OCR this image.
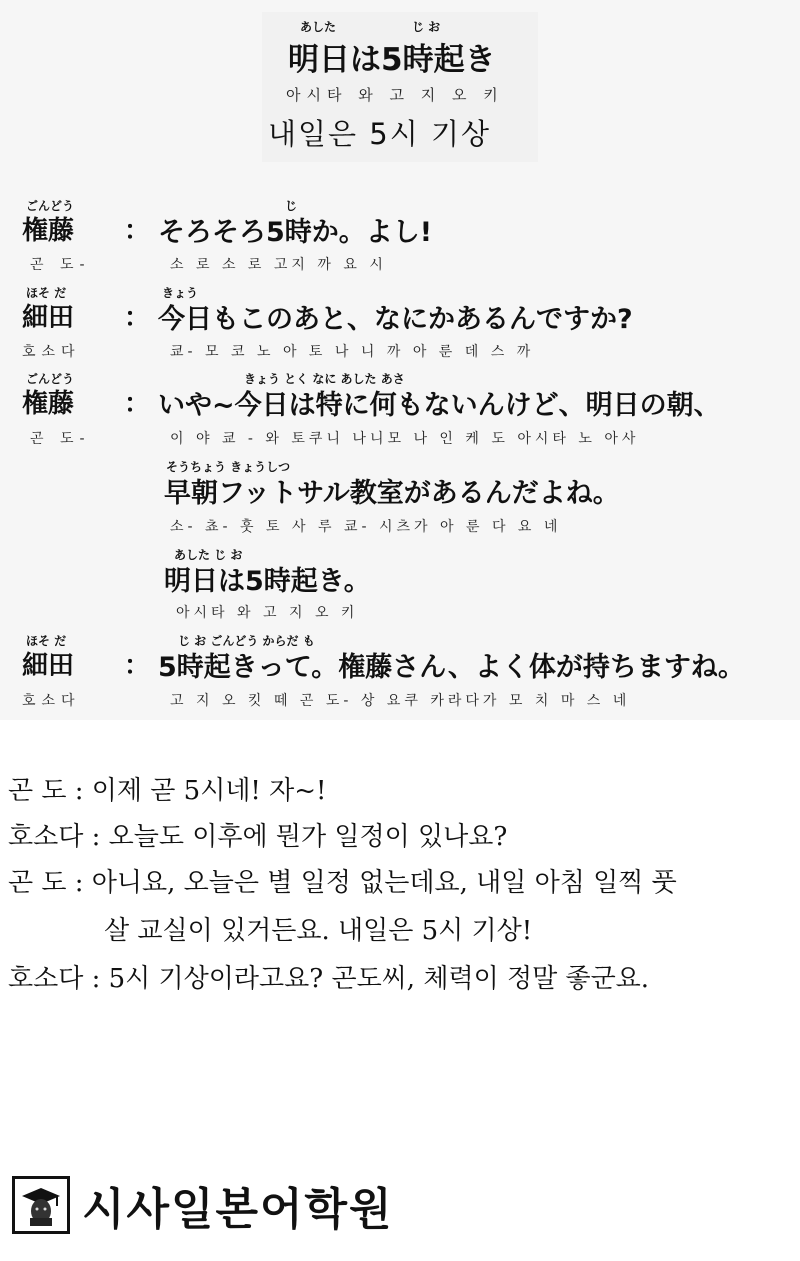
あした	じ お
明日は5時起き
아시타 와 고 지 오 키
내일은 5시 기상
ごんどう
権藤 ：
じ
そろそろ5時か。よし!
곤 도-	소 로 소 로 고지 까 요 시
ほそ だ
細田 ：
きょう
今日もこのあと、なにかあるんですか?
호소다	쿄- 모 코 노 아 토 나 니 까 아 룬 데 스 까
ごんどう
権藤 ：
きょう とく なに あした あさ
いや~今日は特に何もないんけど、明日の朝、
곤 도-	이 야 쿄 - 와 토쿠니 나니모 나 인 케 도 아시타 노 아사
そうちょう きょうしつ
早朝フットサル教室があるんだよね。
소- 쵸- 훗 토 사 루 쿄- 시츠가 아 룬 다 요 네
あした じ お
明日は5時起き。
아시타 와 고 지 오 키
ほそ だ
細田 ：
じ お ごんどう からだ も
5時起きって。権藤さん、よく体が持ちますね。
호소다	고 지 오 킷 떼 곤 도- 상 요쿠 카라다가 모 치 마 스 네
곤 도 : 이제 곧 5시네! 자~!
호소다 : 오늘도 이후에 뭔가 일정이 있나요?
곤 도 : 아니요, 오늘은 별 일정 없는데요, 내일 아침 일찍 풋
살 교실이 있거든요. 내일은 5시 기상!
호소다 : 5시 기상이라고요? 곤도씨, 체력이 정말 좋군요.
시사일본어학원
